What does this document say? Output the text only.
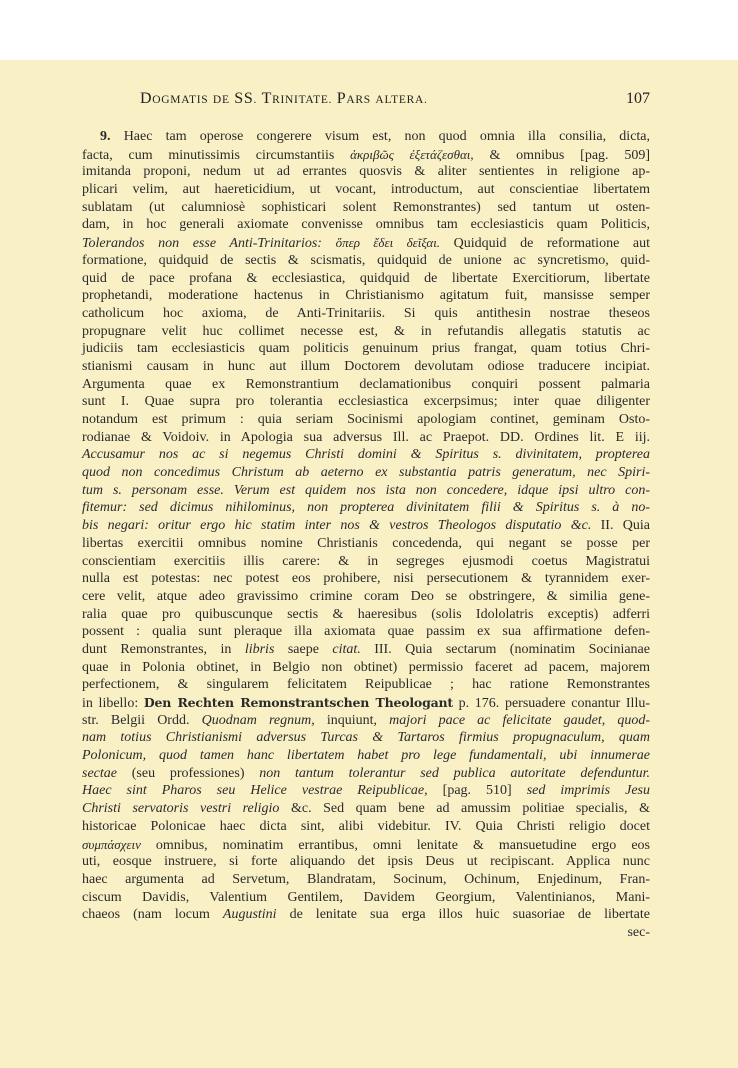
DOGMATIS DE SS. TRINITATE. PARS ALTERA.	107
9. Haec tam operose congerere visum est, non quod omnia illa consilia, dicta,
facta, cum minutissimis circumstantiis ἀκριβῶς ἐξετάζεσθαι, & omnibus [pag. 509]
imitanda proponi, nedum ut ad errantes quosvis & aliter sentientes in religione ap-
plicari velim, aut haereticidium, ut vocant, introductum, aut conscientiae libertatem
sublatam (ut calumniosè sophisticari solent Remonstrantes) sed tantum ut osten-
dam, in hoc generali axiomate convenisse omnibus tam ecclesiasticis quam Politicis,
Tolerandos non esse Anti-Trinitarios: ὅπερ ἔδει δεῖξαι. Quidquid de reformatione aut
formatione, quidquid de sectis & scismatis, quidquid de unione ac syncretismo, quid-
quid de pace profana & ecclesiastica, quidquid de libertate Exercitiorum, libertate
prophetandi, moderatione hactenus in Christianismo agitatum fuit, mansisse semper
catholicum hoc axioma, de Anti-Trinitariis. Si quis antithesin nostrae theseos
propugnare velit huc collimet necesse est, & in refutandis allegatis statutis ac
judiciis tam ecclesiasticis quam politicis genuinum prius frangat, quam totius Chri-
stianismi causam in hunc aut illum Doctorem devolutam odiose traducere incipiat.
Argumenta quae ex Remonstrantium declamationibus conquiri possent palmaria
sunt I. Quae supra pro tolerantia ecclesiastica excerpsimus; inter quae diligenter
notandum est primum : quia seriam Socinismi apologiam continet, geminam Osto-
rodianae & Voidoiv. in Apologia sua adversus Ill. ac Praepot. DD. Ordines lit. E iij.
Accusamur nos ac si negemus Christi domini & Spiritus s. divinitatem, propterea
quod non concedimus Christum ab aeterno ex substantia patris generatum, nec Spiri-
tum s. personam esse. Verum est quidem nos ista non concedere, idque ipsi ultro con-
fitemur: sed dicimus nihilominus, non propterea divinitatem filii & Spiritus s. à no-
bis negari: oritur ergo hic statim inter nos & vestros Theologos disputatio &c. II. Quia
libertas exercitii omnibus nomine Christianis concedenda, qui negant se posse per
conscientiam exercitiis illis carere: & in segreges ejusmodi coetus Magistratui
nulla est potestas: nec potest eos prohibere, nisi persecutionem & tyrannidem exer-
cere velit, atque adeo gravissimo crimine coram Deo se obstringere, & similia gene-
ralia quae pro quibuscunque sectis & haeresibus (solis Idololatris exceptis) adferri
possent : qualia sunt pleraque illa axiomata quae passim ex sua affirmatione defen-
dunt Remonstrantes, in libris saepe citat. III. Quia sectarum (nominatim Socinianae
quae in Polonia obtinet, in Belgio non obtinet) permissio faceret ad pacem, majorem
perfectionem, & singularem felicitatem Reipublicae ; hac ratione Remonstrantes
in libello: Den Rechten Remonstrantschen Theologant p. 176. persuadere conantur Illu-
str. Belgii Ordd. Quodnam regnum, inquiunt, majori pace ac felicitate gaudet, quod-
nam totius Christianismi adversus Turcas & Tartaros firmius propugnaculum, quam
Polonicum, quod tamen hanc libertatem habet pro lege fundamentali, ubi innumerae
sectae (seu professiones) non tantum tolerantur sed publica autoritate defenduntur.
Haec sint Pharos seu Helice vestrae Reipublicae, [pag. 510] sed imprimis Jesu
Christi servatoris vestri religio &c. Sed quam bene ad amussim politiae specialis, &
historicae Polonicae haec dicta sint, alibi videbitur. IV. Quia Christi religio docet
συμπάσχειν omnibus, nominatim errantibus, omni lenitate & mansuetudine ergo eos
uti, eosque instruere, si forte aliquando det ipsis Deus ut recipiscant. Applica nunc
haec argumenta ad Servetum, Blandratam, Socinum, Ochinum, Enjedinum, Fran-
ciscum Davidis, Valentium Gentilem, Davidem Georgium, Valentinianos, Mani-
chaeos (nam locum Augustini de lenitate sua erga illos huic suasoriae de libertate
sec-
